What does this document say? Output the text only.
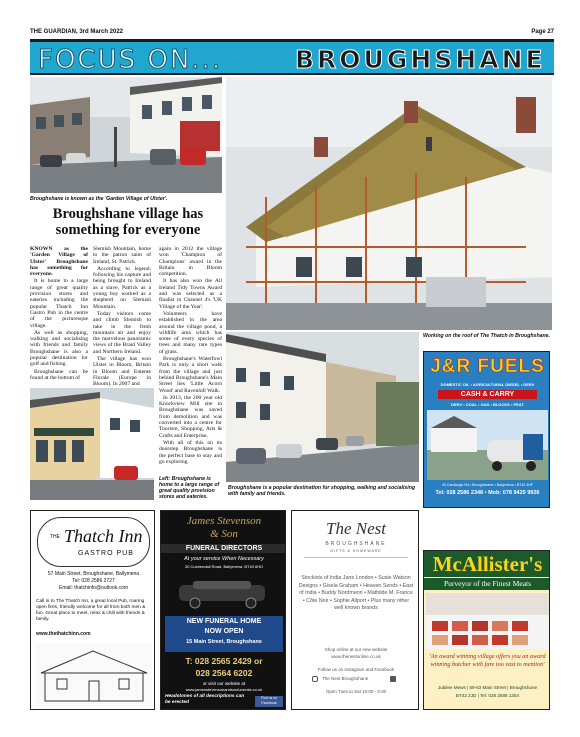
THE GUARDIAN, 3rd March 2022	Page 27
FOCUS ON...	BROUGHSHANE
Broughshane is known as the 'Garden Village of Ulster'.
Working on the roof of The Thatch in Broughshane.
Broughshane village has something for everyone

KNOWN as the 'Garden Village of Ulster' Broughshane has something for everyone.

It is home to a large range of great quality provision stores and eateries including the popular Thatch Inn Gastro Pub in the centre of the picturesque village.

As well as shopping, walking and socialising with friends and family Broughshane is also a popular destination for golf and fishing.

Broughshane can be found at the bottom of

Slemish Mountain, home to the patron saint of Ireland, St. Patrick.

According to legend, following his capture and being brought to Ireland as a slave, Patrick as a young boy worked as a shepherd on Slemish Mountain.

Today visitors come and climb Slemish to take in the fresh mountain air and enjoy the marvelous panoramic views of the Braid Valley and Northern Ireland.

The village has won Ulster in Bloom, Britain in Bloom and Entente Florale (Europe in Bloom). In 2007 and

again in 2012 the village won 'Champion of Champions' award in the Britain in Bloom competition.

It has also won the All Ireland Tidy Towns Award and was selected as a finalist in Channel 4's 'UK Village of the Year'.

Volunteers have established in the area around the village pond, a wildlife area which has some of every species of trees and many rare types of grass.

Broughshane's Waterfowl Park is only a short walk from the village and just behind Broughshane's Main Street lies 'Little Acorn Wood' and Ravenhill Walk.

In 2013, the 200 year old Knockview Mill site in Broughshane was saved from demolition and was converted into a centre for Tourism, Shopping, Arts & Crafts and Enterprise.

With all of this on its doorstep Broughshane is the perfect base to stay and go exploring.

Left: Broughshane is home to a large range of great quality provision stores and eateries.
Broughshane is a popular destination for shopping, walking and socialising with family and friends.
J&R FUELS
DOMESTIC OIL • AGRICULTURAL DIESEL • DERV
CASH & CARRY
DERV • COAL • GAS • BLOCKS • PEAT
43 Carnlough Rd • Broughshane • Ballymena • BT42 4HF
Tel: 028 2586 2348 • Mob: 078 9429 9926
THE Thatch Inn
GASTRO PUB
57 Main Street, Broughshane, Ballymena
Tel: 028 2586 2727
Email: thatchinfo@outlook.com
Call in to The Thatch Inn, a great local Pub, roaring open fires, friendly welcome for all from both men & fun. Great place to meet, relax & chill with friends & family.
www.thethatchinn.com
James Stevenson
& Son
FUNERAL DIRECTORS
At your service When Necessary
30 Cushendall Road, Ballymena, BT43 6HD
NEW FUNERAL HOME
NOW OPEN
15 Main Street, Broughshane
T: 028 2565 2429 or
028 2564 6202
or visit our website at
www.jamesstevensonandsonfunerals.co.uk
Headstones of all descriptions can be erected
Find us on Facebook
The Nest
BROUGHSHANE
GIFTS & HOMEWARE
Stockists of India Jane London • Susie Watson Designs • Gisela Graham • Heaven Sends • East of India • Buddy Nordmann • Mathilde M. France • Côte Noir • Sophie Allport • Plus many other well known brands
Shop online at our new website
www.thenestonline.co.uk
Follow us on Instagram and Facebook
The Nest Broughshane
Open Tues to Sat 10:00 - 5:30
McAllister's
Purveyor of the Finest Meats
'An award winning village offers you an award winning butcher with fare too vast to mention'
Jubilee Mews | 59-63 Main Street | Broughshane
BT42 2JD | Tel: 028 2586 1354
